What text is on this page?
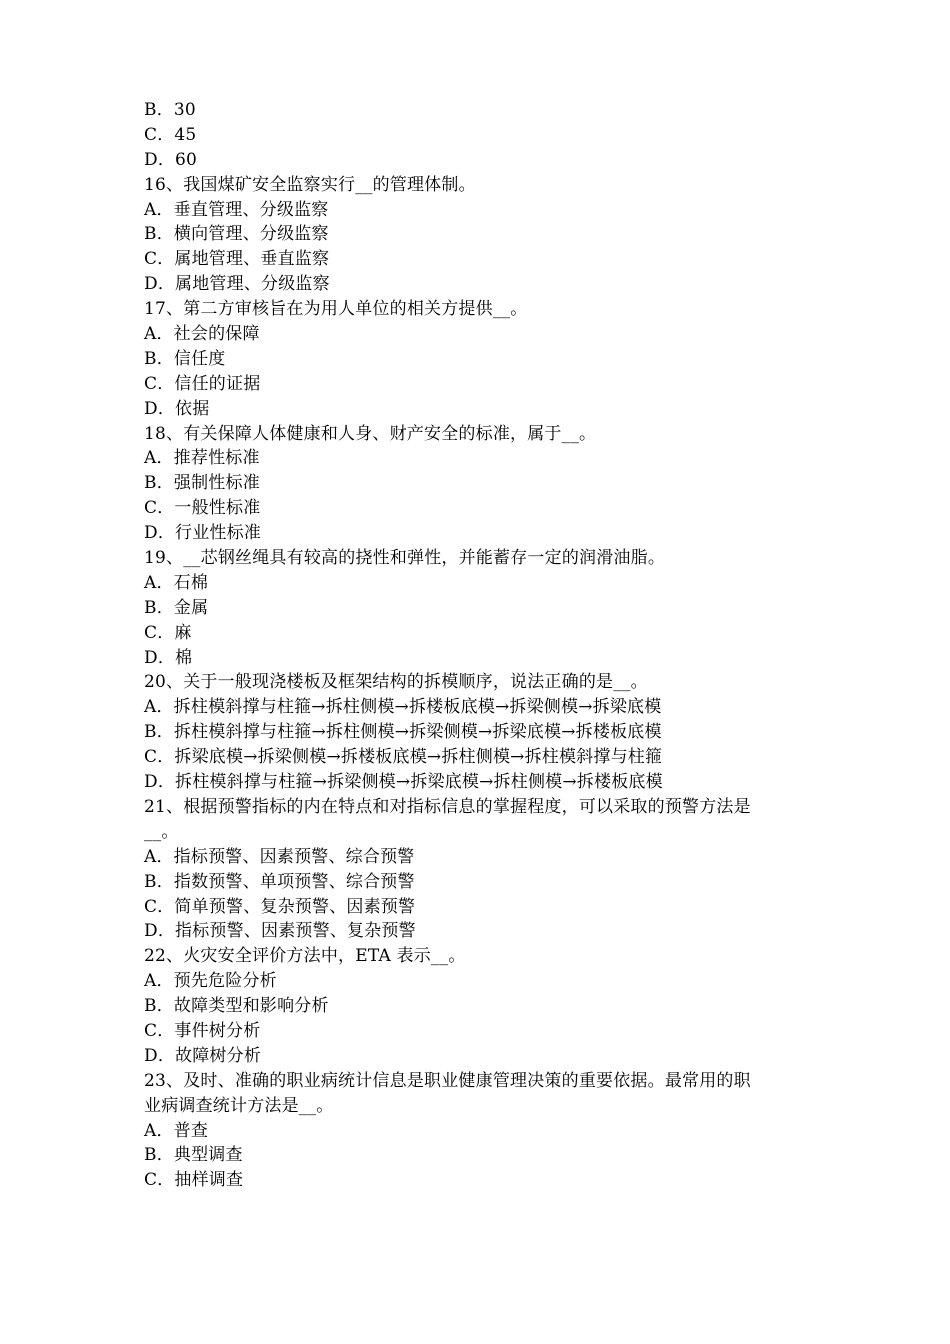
B．30
C．45
D．60
16、我国煤矿安全监察实行__的管理体制。
A．垂直管理、分级监察
B．横向管理、分级监察
C．属地管理、垂直监察
D．属地管理、分级监察
17、第二方审核旨在为用人单位的相关方提供__。
A．社会的保障
B．信任度
C．信任的证据
D．依据
18、有关保障人体健康和人身、财产安全的标准，属于__。
A．推荐性标准
B．强制性标准
C．一般性标准
D．行业性标准
19、__芯钢丝绳具有较高的挠性和弹性，并能蓄存一定的润滑油脂。
A．石棉
B．金属
C．麻
D．棉
20、关于一般现浇楼板及框架结构的拆模顺序，说法正确的是__。
A．拆柱模斜撑与柱箍→拆柱侧模→拆楼板底模→拆梁侧模→拆梁底模
B．拆柱模斜撑与柱箍→拆柱侧模→拆梁侧模→拆梁底模→拆楼板底模
C．拆梁底模→拆梁侧模→拆楼板底模→拆柱侧模→拆柱模斜撑与柱箍
D．拆柱模斜撑与柱箍→拆梁侧模→拆梁底模→拆柱侧模→拆楼板底模
21、根据预警指标的内在特点和对指标信息的掌握程度，可以采取的预警方法是
__。
A．指标预警、因素预警、综合预警
B．指数预警、单项预警、综合预警
C．简单预警、复杂预警、因素预警
D．指标预警、因素预警、复杂预警
22、火灾安全评价方法中，ETA 表示__。
A．预先危险分析
B．故障类型和影响分析
C．事件树分析
D．故障树分析
23、及时、准确的职业病统计信息是职业健康管理决策的重要依据。最常用的职
业病调查统计方法是__。
A．普查
B．典型调查
C．抽样调查
